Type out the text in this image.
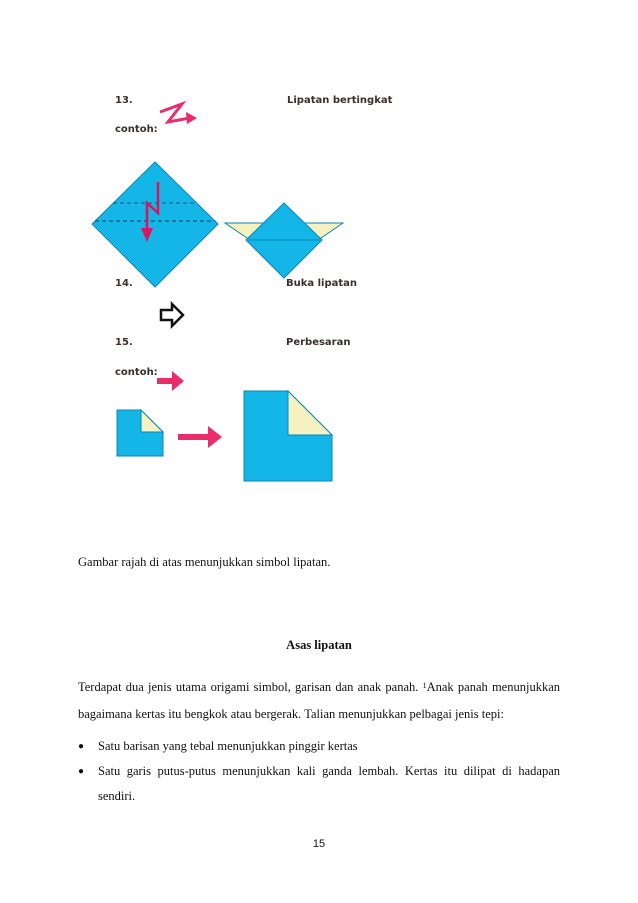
13.	Lipatan bertingkat
contoh:
14.	Buka lipatan
15.	Perbesaran
contoh:
Gambar rajah di atas menunjukkan simbol lipatan.
Asas lipatan
Terdapat dua jenis utama origami simbol, garisan dan anak panah. $^1$Anak panah menunjukkan bagaimana kertas itu bengkok atau bergerak. Talian menunjukkan pelbagai jenis tepi:
● Satu barisan yang tebal menunjukkan pinggir kertas
● Satu garis putus-putus menunjukkan kali ganda lembah. Kertas itu dilipat di hadapan sendiri.
15
